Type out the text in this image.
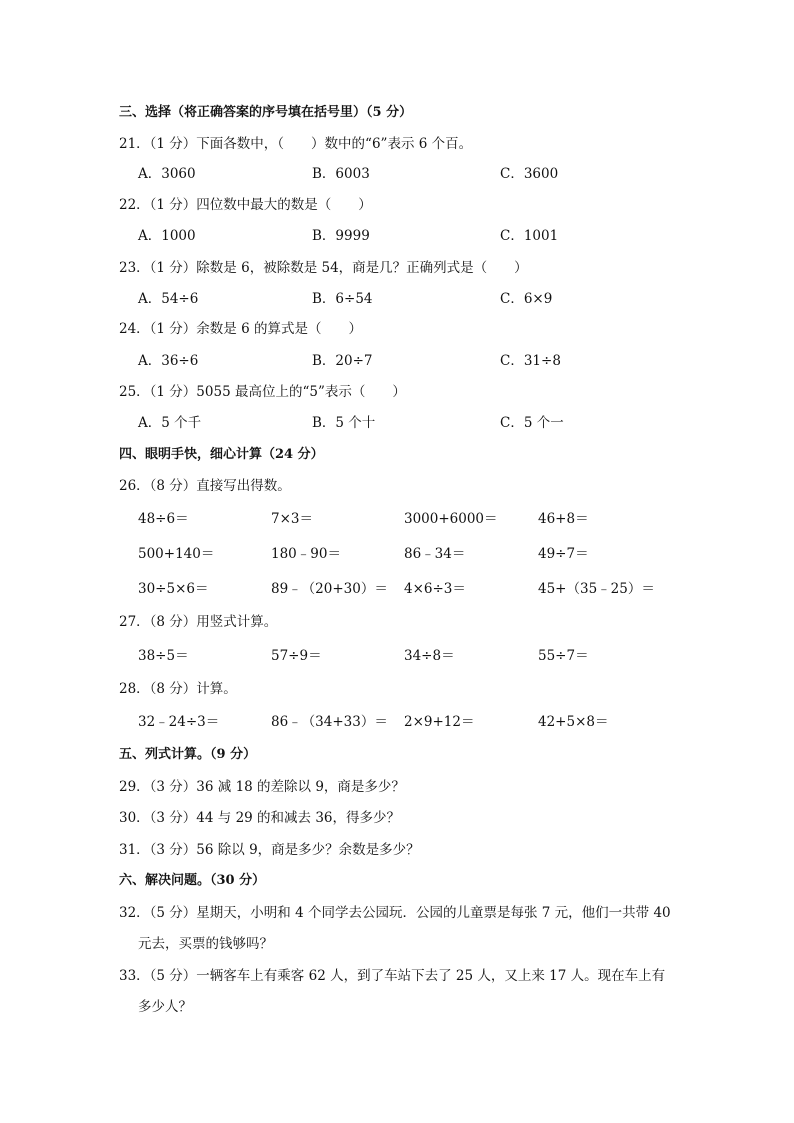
三、选择（将正确答案的序号填在括号里）（5 分）
21．（1 分）下面各数中，（　　）数中的“6”表示 6 个百。
A．3060	B．6003	C．3600
22．（1 分）四位数中最大的数是（　　）
A．1000	B．9999	C．1001
23．（1 分）除数是 6，被除数是 54，商是几？正确列式是（　　）
A．54÷6	B．6÷54	C．6×9
24．（1 分）余数是 6 的算式是（　　）
A．36÷6	B．20÷7	C．31÷8
25．（1 分）5055 最高位上的“5”表示（　　）
A．5 个千	B．5 个十	C．5 个一
四、眼明手快，细心计算（24 分）
26．（8 分）直接写出得数。
48÷6＝	7×3＝	3000+6000＝	46+8＝
500+140＝	180﹣90＝	86﹣34＝	49÷7＝
30÷5×6＝	89﹣（20+30）＝ 4×6÷3＝	45+（35﹣25）＝
27．（8 分）用竖式计算。
38÷5＝	57÷9＝	34÷8＝	55÷7＝
28．（8 分）计算。
32﹣24÷3＝	86﹣（34+33）＝ 2×9+12＝	42+5×8＝
五、列式计算。（9 分）
29．（3 分）36 减 18 的差除以 9，商是多少？
30．（3 分）44 与 29 的和减去 36，得多少？
31．（3 分）56 除以 9，商是多少？余数是多少？
六、解决问题。（30 分）
32．（5 分）星期天，小明和 4 个同学去公园玩．公园的儿童票是每张 7 元，他们一共带 40
元去，买票的钱够吗？
33．（5 分）一辆客车上有乘客 62 人，到了车站下去了 25 人，又上来 17 人。现在车上有
多少人？
